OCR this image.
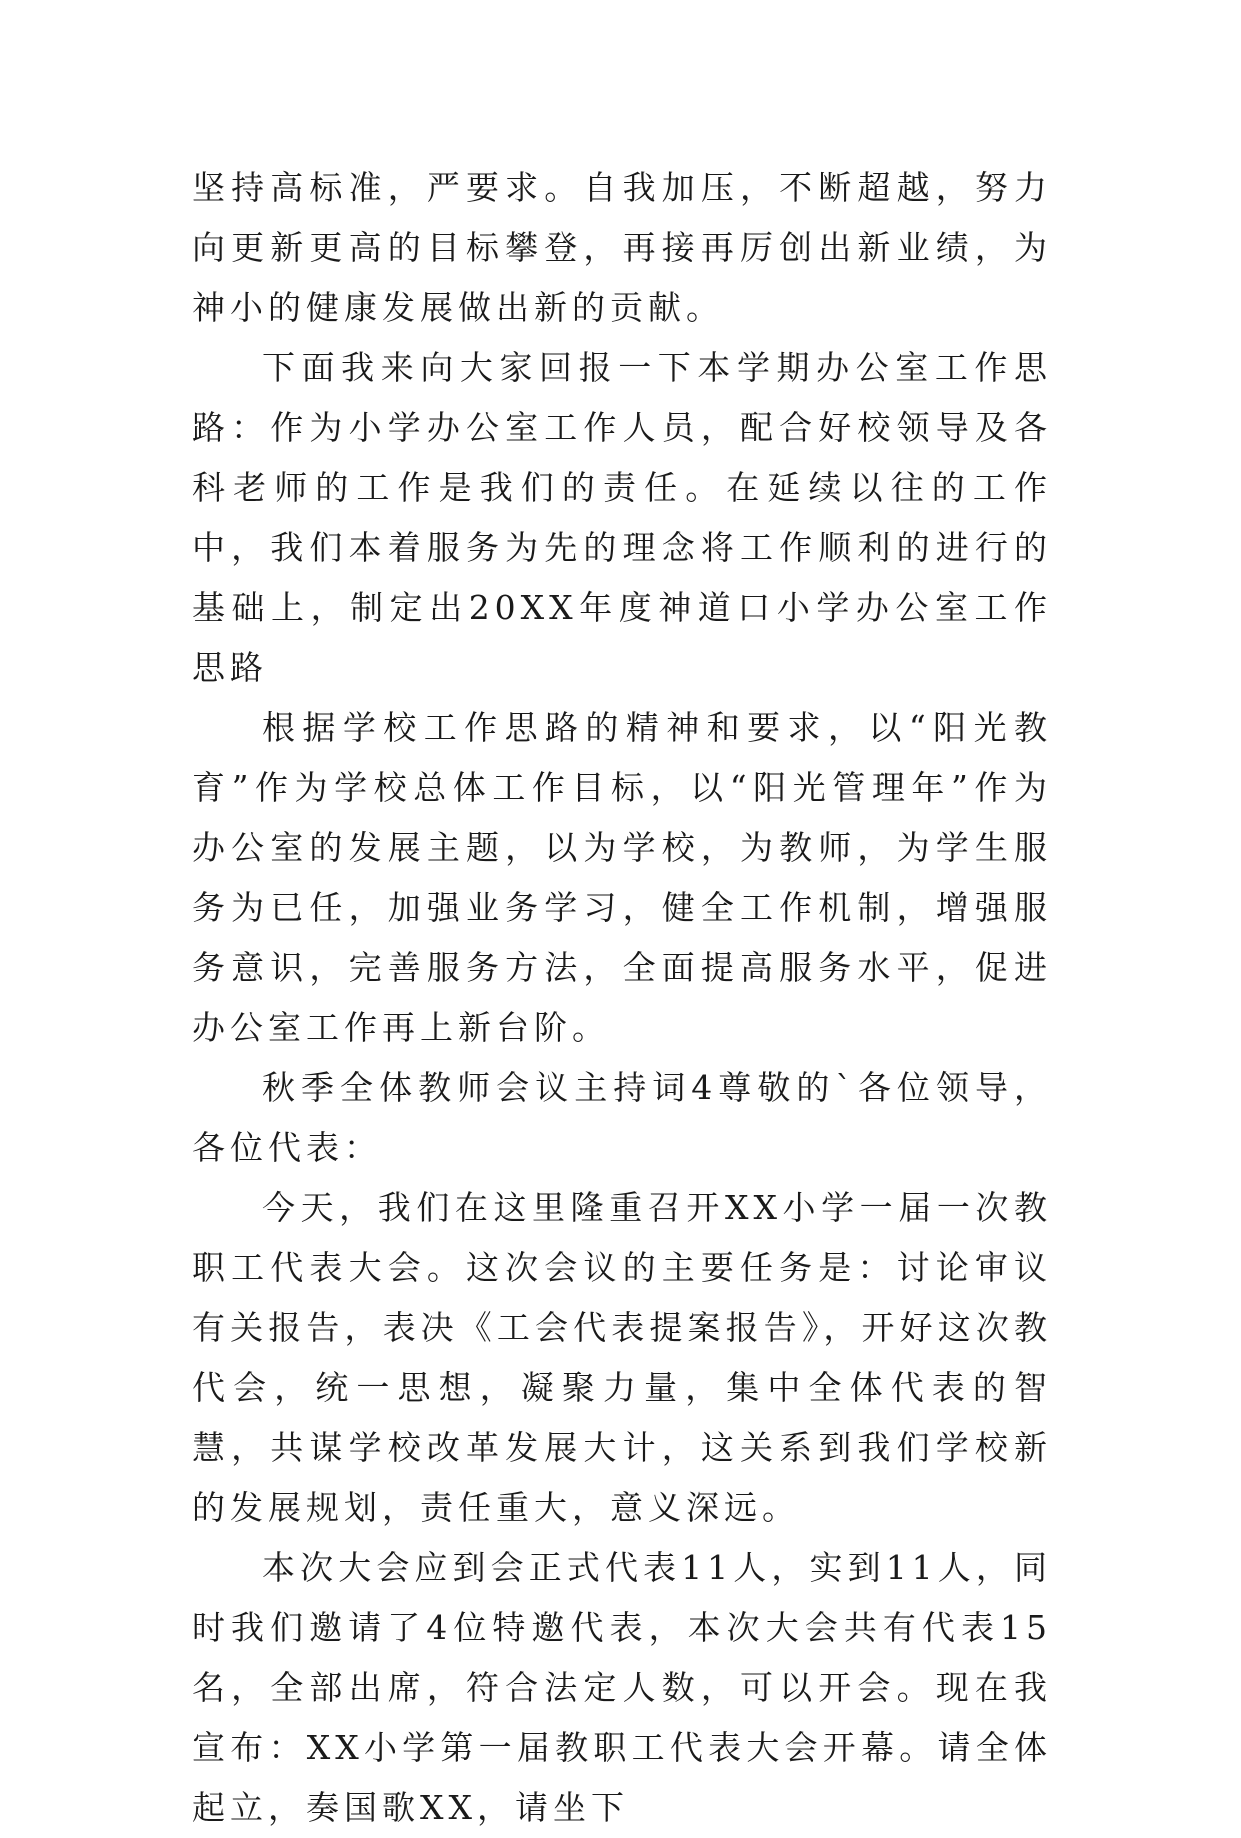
坚持高标准，严要求。自我加压，不断超越，努力向更新更高的目标攀登，再接再厉创出新业绩，为神小的健康发展做出新的贡献。

下面我来向大家回报一下本学期办公室工作思路：作为小学办公室工作人员，配合好校领导及各科老师的工作是我们的责任。在延续以往的工作中，我们本着服务为先的理念将工作顺利的进行的基础上，制定出20XX年度神道口小学办公室工作思路

根据学校工作思路的精神和要求，以“阳光教育”作为学校总体工作目标，以“阳光管理年”作为办公室的发展主题，以为学校，为教师，为学生服务为已任，加强业务学习，健全工作机制，增强服务意识，完善服务方法，全面提高服务水平，促进办公室工作再上新台阶。

秋季全体教师会议主持词4尊敬的`各位领导，各位代表：

今天，我们在这里隆重召开XX小学一届一次教职工代表大会。这次会议的主要任务是：讨论审议有关报告，表决《工会代表提案报告》，开好这次教代会，统一思想，凝聚力量，集中全体代表的智慧，共谋学校改革发展大计，这关系到我们学校新的发展规划，责任重大，意义深远。

本次大会应到会正式代表11人，实到11人，同时我们邀请了4位特邀代表，本次大会共有代表15名，全部出席，符合法定人数，可以开会。现在我宣布：XX小学第一届教职工代表大会开幕。请全体起立，奏国歌XX，请坐下
